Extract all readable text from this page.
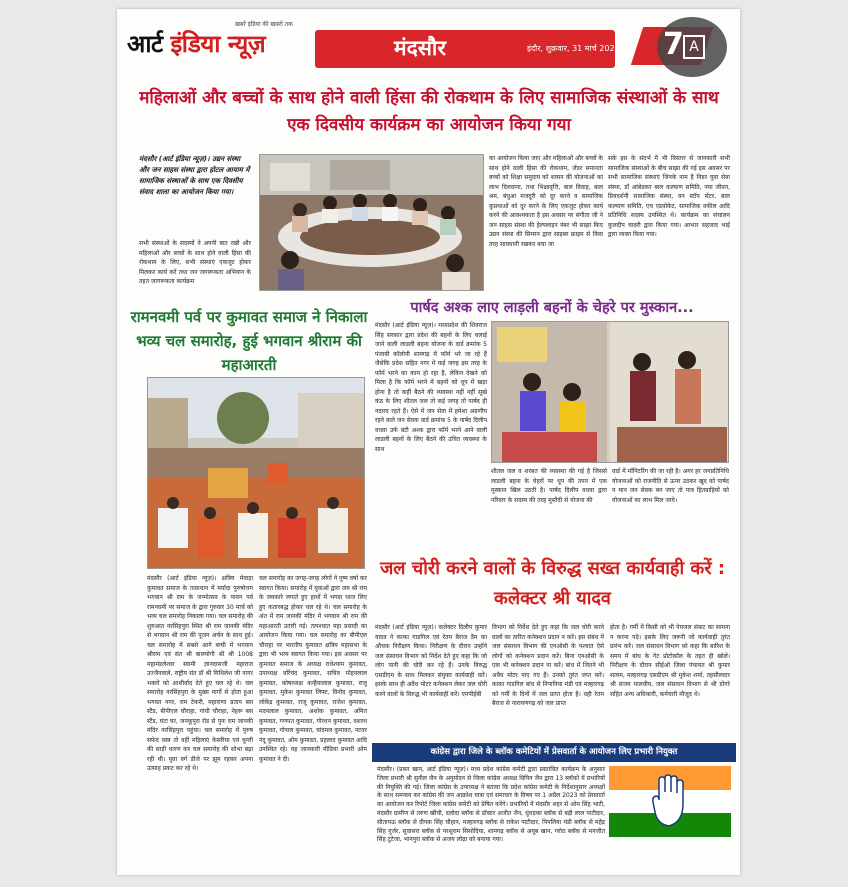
खबरें इंडिया की खबरों तक
आर्ट इंडिया न्यूज़	मंदसौर	इंदौर, शुक्रवार, 31 मार्च 2023 7 A
महिलाओं और बच्चों के साथ होने वाली हिंसा की रोकथाम के लिए सामाजिक संस्थाओं के साथ एक दिवसीय कार्यक्रम का आयोजन किया गया
मंदसौर (आर्ट इंडिया न्यूज़)। उद्यन संस्था और जन साहस संस्था द्वारा होटल आयाम में सामाजिक संस्थाओं के साथ एक दिवसीय संवाद शाला का आयोजन किया गया।
सभी संस्थाओं के सदस्यों ने अपनी बात रखी और महिलाओं और बच्चों के साथ होने वाली हिंसा की रोकथाम के लिए, सभी संस्थाएं एकजुट होकर मिलकर कार्य करें तथा जन जागरूकता अभियान के तहत जागरूकता कार्यक्रम
का आयोजन किया जाए और महिलाओं और बच्चों के साथ होने वाली हिंसा की रोकथाम, जेंडर समानता बच्चों को शिक्षा समुदाय को शासन की योजनाओं का लाभ दिलवाना, तथा भिक्षावृत्ति, बाल विवाह, बाल श्रम, बंधुआ मजदूरी को दूर करने व सामाजिक कुप्रथाओं को दूर करने के लिए एकजुट होकर कार्य करने की आवश्यकता है इस अवसर पर संगीता जी ने जन साहस संस्था की हेल्पलाइन नंबर भी साझा किए उद्यन संस्था की सिमरन द्वारा साइबर क्राइम से किस तरह सावधानी रखकर बचा जा
सके इस के संदर्भ में भी विस्तार से जानकारी सभी सामाजिक संस्थाओं के बीच साझा की गई इस अवसर पर सभी सामाजिक संस्थाएं जिनके नाम है निडर युवा सेवा संस्था, डॉ आंबेडकर बाल कल्याण समिति, नया जीवन, प्रियदर्शनी सामाजिक संस्था, वन स्टॉप सेंटर, बाल कल्याण समिति, एच एडवोकेट, सामाजिक वकील आदि प्रतिनिधि सदस्य उपस्थित थे। कार्यक्रम का संचालन कुलदीप चावरी द्वारा किया गया। आभार सहजाद भाई द्वारा व्यक्त किया गया।
रामनवमी पर्व पर कुमावत समाज ने निकाला भव्य चल समारोह, हुई भगवान श्रीराम की महाआरती
मंदसौर (आर्ट इंडिया न्यूज़)। क्षत्रिय मेवाड़ा कुमावत समाज के तत्वाधान में मर्यादा पुरुषोत्तम भगवान श्री राम के जन्मोत्सव के पावन पर्व रामनवमी पर समाज के द्वारा गुरुवार 30 मार्च को भव्य चल समारोह निकाला गया। चल समारोह की शुरुआत नरसिंहपुरा स्थित श्री राम जानकी मंदिर से भगवान श्री राम की पूजन अर्चन के साथ हुई। चल समारोह में सबसे आगे बग्घी में भगवान श्रीराम एवं संत श्री बालयोगी श्री श्री 1008 महामंडलेश्वर स्वामी ज्ञानदासजी महाराज उज्जैनवाले, राष्ट्रीय संत डॉ श्री मिथिलेश जी नागर भक्तों को आशीर्वाद देते हुए चल रहे थे। चल समारोह नरसिंहपुरा के मुख्य मार्गों से होता हुआ भगवत नगर, राम टेकरी, महाराणा प्रताप बस स्टैंड, बीपीएल चौराहा, गांधी चौराहा, नेहरू बस स्टैंड, घंटा घर, जनकूपुरा रोड से पुनः राम जानकी मंदिर नरसिंहपुरा पहुंचा। चल समारोह में पुरुष सफेद वस्त्र तो वहीं महिलाएं केसरिया एवं चुनरी की साड़ी धारण कर चल समारोह की शोभा बढ़ा रही थी। युवा वर्ग डीजे पर झूम रहकर अपना उत्साह प्रकट कर रहे थे।
चल समारोह का जगह-जगह लोगों ने पुष्प वर्षा कर स्वागत किया। समारोह में युवाओं द्वारा जय श्री राम के जयकारे लगाते हुए हाथों में भगवा ध्वज लिए हुए कतारबद्ध होकर चल रहे थे। चल समारोह के अंत में राम जानकी मंदिर में भगवान श्री राम की महाआरती उतारी गई। तत्पश्चात महा प्रसादी का आयोजन किया गया। चल समारोह का बीपीएल चौराहा पर भारतीय कुमावत क्षत्रिय महासभा के द्वारा भी भव्य स्वागत किया गया। इस अवसर पर कुमावत समाज के अध्यक्ष राधेश्याम कुमावत, उपाध्यक्ष वरिंचंद कुमावत, सचिव मोहनलाल कुमावत, कोषाध्यक्ष कन्हैयालाल कुमावत, राजू कुमावत, मुकेश कुमावत लिफ्ट, विनोद कुमावत, लोकेंद्र कुमावत, राजू कुमावत, राजेश कुमावत, मदनलाल कुमावत, अशोक कुमावत, अमित कुमावत, गणपत कुमावत, गोरधन कुमावत, दशरथ कुमावत, गोपाल कुमावत, चांदमल कुमावत, नटवर नंदू कुमावत, ओम कुमावत, प्रहलाद कुमावत आदि उपस्थित रहे। यह जानकारी मीडिया प्रभारी ओम कुमावत ने दी।
पार्षद अश्क लाए लाड़ली बहनों के चेहरे पर मुस्कान...
मंदसौर (आर्ट इंडिया न्यूज़)। मध्यप्रदेश की शिवराज सिंह सरकार द्वारा प्रदेश की बहनों के लिए चलाई जाने वाली लाडली बहना योजना के वार्ड क्रमांक 5 पंजाबी कॉलोनी शामगढ़ में फॉर्म भरे जा रहे हैं जैसेकि प्रदेश सहित नगर में कई जगह इस तरह के फॉर्म भरने का काम हो रहा है, लेकिन देखने को मिला है कि फॉर्म भरने में बहनों को धूप में खड़ा होना है तो कहीं बैठने की व्यवस्था नहीं नहीं सूखे कंठ के लिए शीतल जल तो कई जगह तो पार्षद ही नदारद रहते हैं। ऐसे में जन सेवा में हमेशा अग्रणीय रहने वाले जन सेवक वार्ड क्रमांक 5 के पार्षद दिलीप वधवा उर्फ बंटी अश्क द्वारा फॉर्म भरने आने वाली लाडली बहनों के लिए बैठने की उचित व्यवस्था के साथ
शीतल जल व शरबत की व्यवस्था की गई है जिससे लाडली बहना के चेहरों पर धूप की तपन में एक मुस्कान खिल उठती है। पार्षद दिलीप वधवा द्वारा परिवार के सदस्य की तरह मुस्तैदी से योजना की
वार्ड में मॉनिटरिंग की जा रही है। अगर हर जनप्रतिनिधि योजनाओं को राजनीति से ऊपर उठकर खुद को पार्षद न मान जन सेवक बन जाए तो पात्र हितग्राहियों को योजनाओं का लाभ मिल जाये।
जल चोरी करने वालों के विरुद्ध सख्त कार्यवाही करें : कलेक्टर श्री यादव
मंदसौर (आर्ट इंडिया न्यूज़)। कलेक्टर दिलीप कुमार यादव ने काका गाडगिल एवं रेतम बैराज डैम का औचक निरीक्षण किया। निरीक्षण के दौरान उन्होंने जल संसाधन विभाग को निर्देश देते हुए कहा कि जो लोग पानी की चोरी कर रहे हैं। उनके विरुद्ध एसडीएम के साथ मिलकर संयुक्त कार्यवाही करें। इसके साथ ही अवैध मोटर कनेक्शन लेकर जल चोरी करने वालों के विरुद्ध भी कार्यवाही करें। एमपीईबी
विभाग को निर्देश देते हुए कहा कि जल चोरी करने वालों का त्वरित कनेक्शन प्रदान न करें। इस संबंध में जल संसाधन विभाग की एनओसी के पश्चात ऐसे लोगों को कनेक्शन प्रदान करें। बिना एनओसी के एक भी कनेक्शन प्रदान ना करें। बांध में जितने भी अवैध मोटर पाए गए हैं। उनको तुरंत जप्त करें। काका गाडगिल बांध से निपानिया मंडी एवं मल्हारगढ़ को गर्मी के दिनों में जल प्राप्त होता है। वही रेतम बैराज से नारायणगढ़ को जल प्राप्त
होता है। गर्मी में किसी को भी पेयजल संकट का सामना न करना पड़े। इसके लिए जरूरी जो कार्यवाही तुरंत प्रारंभ करें। जल संसाधन विभाग को कहा कि बारिश के समय में बांध के गेट प्रोटोकॉल के तहत ही खोलें। निरीक्षण के दौरान सीईओ जिला पंचायत श्री कुमार सत्यम, मल्हारगढ़ एसडीएम श्री मुकेश शर्मा, तहसीलदार श्री संजय मालवीय, जल संसाधन विभाग से श्री डोंगरे सहित अन्य अधिकारी, कर्मचारी मौजूद थे।
कांग्रेस द्वारा जिले के ब्लॉक कमेटियों में प्रेसवार्ता के आयोजन लिए प्रभारी नियुक्त
मंदसौर। (प्रकर खान, आर्ट इंडिया न्यूज़)। मध्य प्रदेश कांग्रेस कमेटी द्वारा प्रस्तावित कार्यक्रम के अनुसार जिला प्रभारी श्री सुनील जैन के अनुमोदन से जिला कांग्रेस अध्यक्ष विपिन जैन द्वारा 13 ब्लॉकों में प्रभारियों की नियुक्ति की गई। जिला कांग्रेस के उपाध्यक्ष ने बताया कि प्रदेश कांग्रेस कमेटी के निर्देशानुसार अध्यक्षों के साथ समन्वय कर कांग्रेस की जन आक्रोश यात्रा एवं समाचार के विषय पर 1 अप्रैल 2023 को प्रेसवार्ता का आयोजन कर रिपोर्ट जिला कांग्रेस कमेटी को प्रेषित करेंगे। प्रभारियों में मंदसौर शहर से ओम सिंह भाटी, मंदसौर ग्रामीण से तरुण खींची, दलोदा ब्लॉक से डॉक्टर अजीत जैन, धुंधड़का ब्लॉक से बद्री लाल पाटीदार, सीतामऊ ब्लॉक से दीपक सिंह चौहान, मल्हारगढ़ ब्लॉक से राकेश पाटीदार, पिपलिया मंडी ब्लॉक से महेंद्र सिंह गुर्जर, सुवासरा ब्लॉक से परशुराम सिसोदिया, शामगढ़ ब्लॉक से अयूब खान, गरोठ ब्लॉक से मनजीत सिंह टुटेजा, भानपुरा ब्लॉक से अजय लोढ़ा को बनाया गया।
